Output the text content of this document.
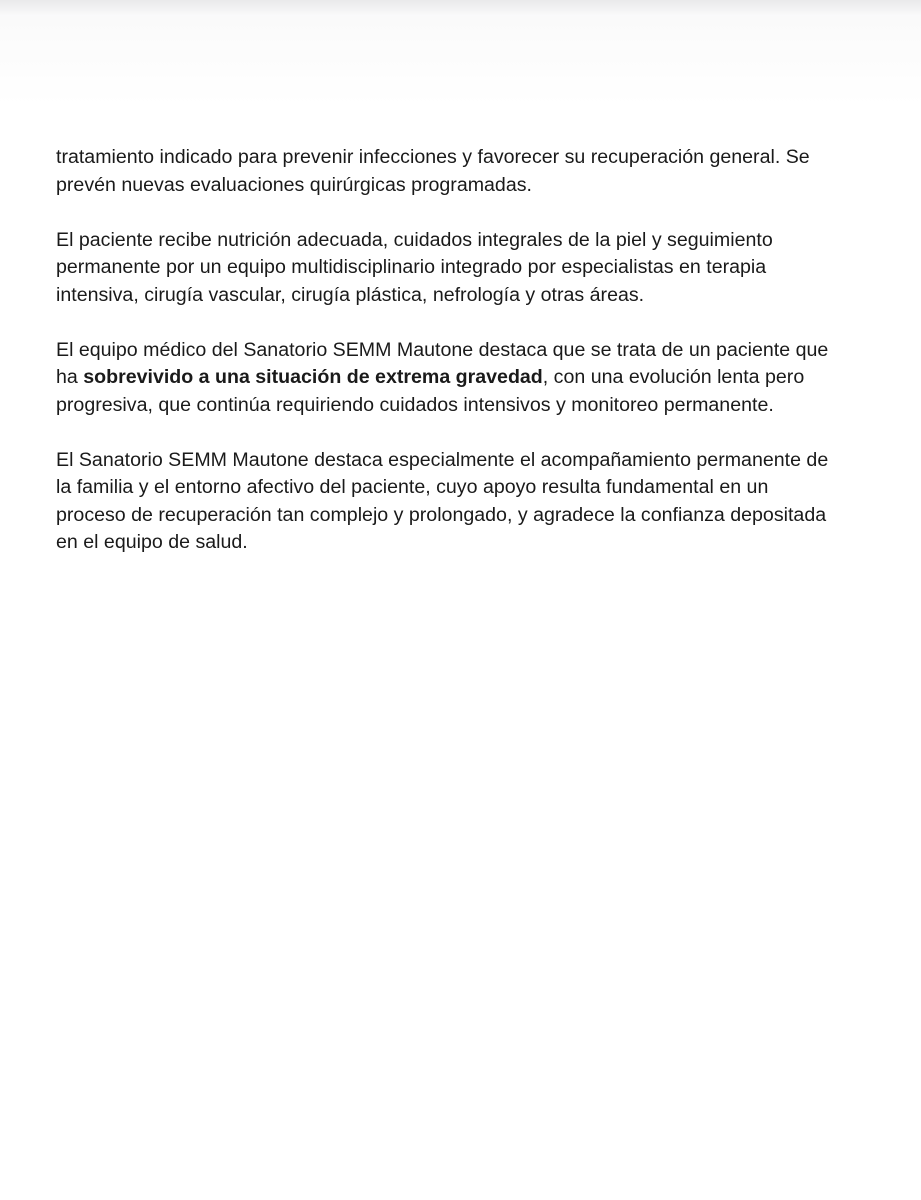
tratamiento indicado para prevenir infecciones y favorecer su recuperación general. Se
prevén nuevas evaluaciones quirúrgicas programadas.

El paciente recibe nutrición adecuada, cuidados integrales de la piel y seguimiento
permanente por un equipo multidisciplinario integrado por especialistas en terapia
intensiva, cirugía vascular, cirugía plástica, nefrología y otras áreas.

El equipo médico del Sanatorio SEMM Mautone destaca que se trata de un paciente que
ha sobrevivido a una situación de extrema gravedad, con una evolución lenta pero
progresiva, que continúa requiriendo cuidados intensivos y monitoreo permanente.

El Sanatorio SEMM Mautone destaca especialmente el acompañamiento permanente de
la familia y el entorno afectivo del paciente, cuyo apoyo resulta fundamental en un
proceso de recuperación tan complejo y prolongado, y agradece la confianza depositada
en el equipo de salud.
